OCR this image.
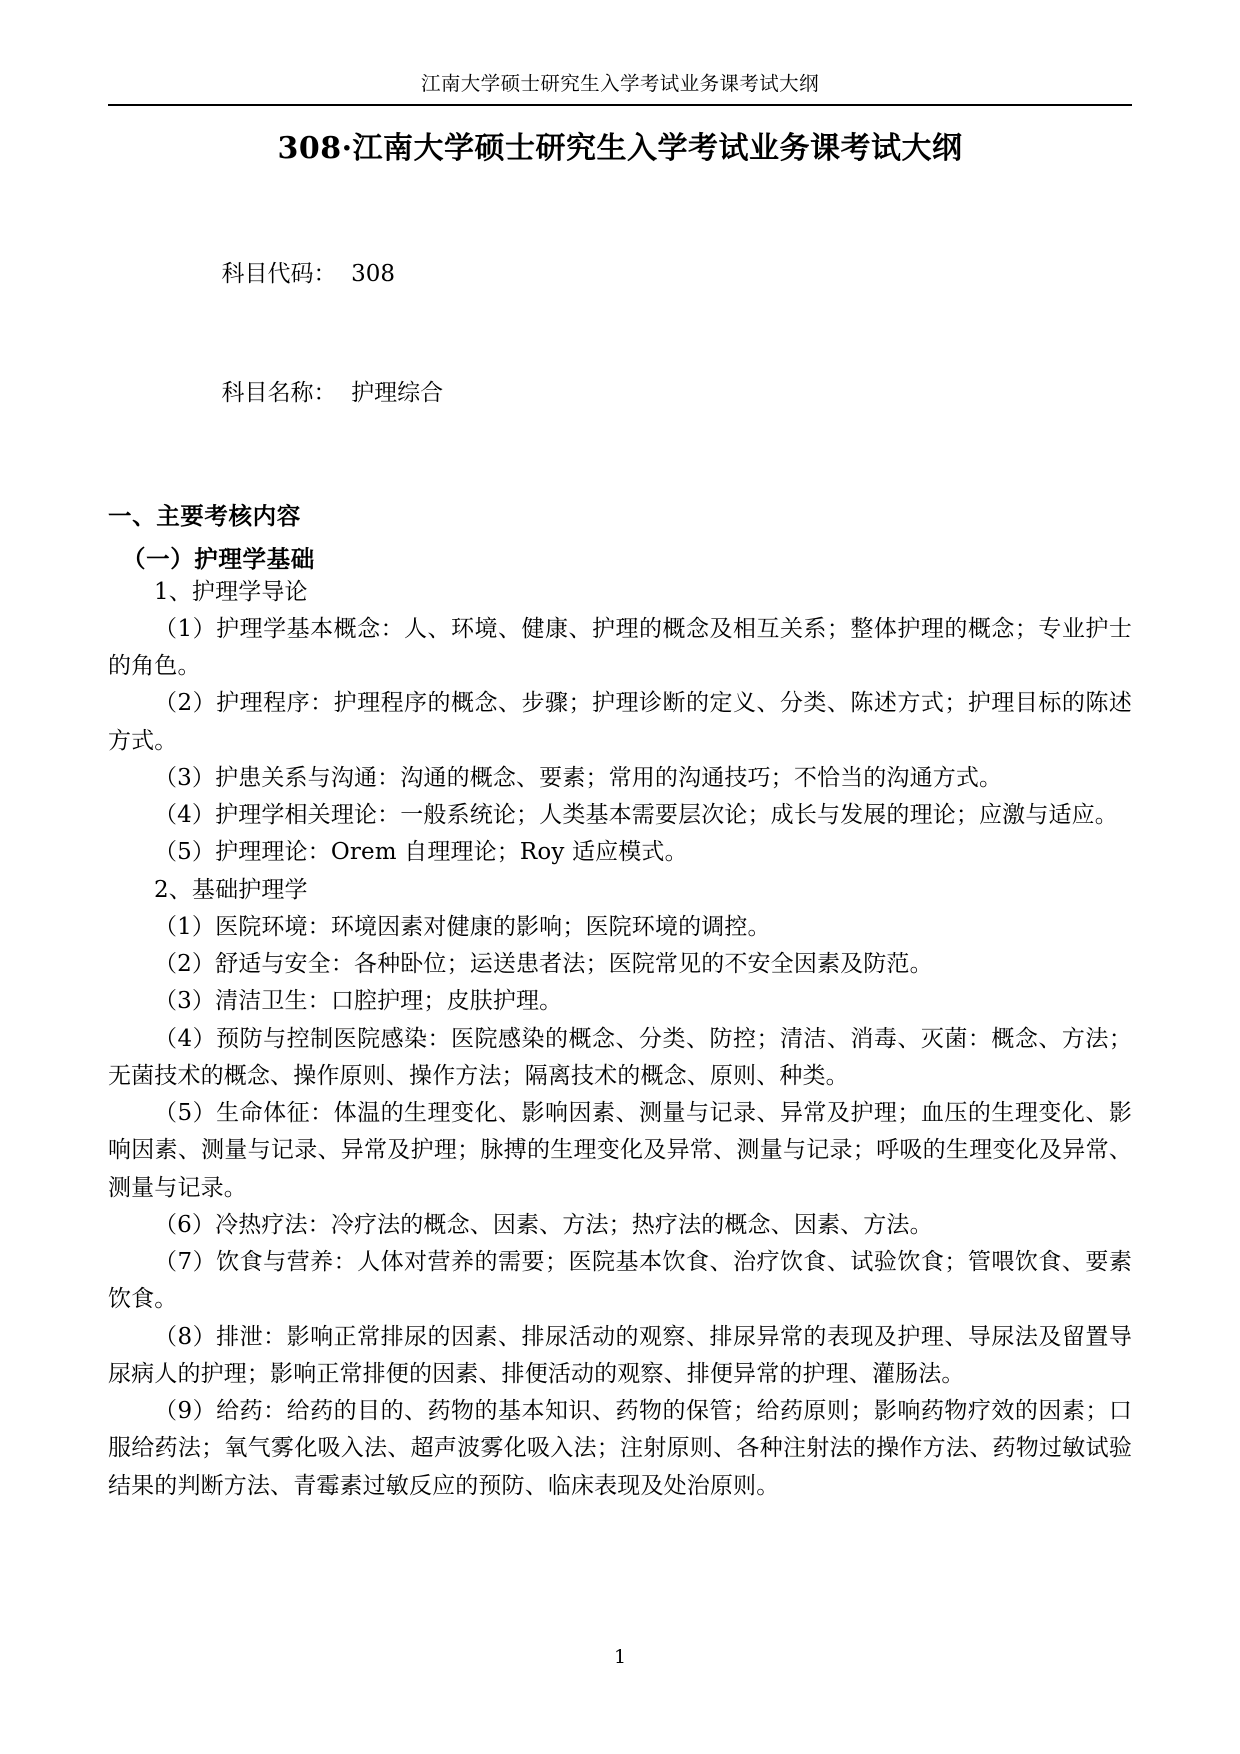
江南大学硕士研究生入学考试业务课考试大纲
308·江南大学硕士研究生入学考试业务课考试大纲

科目代码： 308

科目名称： 护理综合

一、主要考核内容
（一）护理学基础

1、护理学导论

（1）护理学基本概念：人、环境、健康、护理的概念及相互关系；整体护理的概念；专业护士的角色。

（2）护理程序：护理程序的概念、步骤；护理诊断的定义、分类、陈述方式；护理目标的陈述方式。

（3）护患关系与沟通：沟通的概念、要素；常用的沟通技巧；不恰当的沟通方式。

（4）护理学相关理论：一般系统论；人类基本需要层次论；成长与发展的理论；应激与适应。

（5）护理理论：Orem 自理理论；Roy 适应模式。

2、基础护理学

（1）医院环境：环境因素对健康的影响；医院环境的调控。

（2）舒适与安全：各种卧位；运送患者法；医院常见的不安全因素及防范。

（3）清洁卫生：口腔护理；皮肤护理。

（4）预防与控制医院感染：医院感染的概念、分类、防控；清洁、消毒、灭菌：概念、方法；无菌技术的概念、操作原则、操作方法；隔离技术的概念、原则、种类。

（5）生命体征：体温的生理变化、影响因素、测量与记录、异常及护理；血压的生理变化、影响因素、测量与记录、异常及护理；脉搏的生理变化及异常、测量与记录；呼吸的生理变化及异常、测量与记录。

（6）冷热疗法：冷疗法的概念、因素、方法；热疗法的概念、因素、方法。

（7）饮食与营养：人体对营养的需要；医院基本饮食、治疗饮食、试验饮食；管喂饮食、要素饮食。

（8）排泄：影响正常排尿的因素、排尿活动的观察、排尿异常的表现及护理、导尿法及留置导尿病人的护理；影响正常排便的因素、排便活动的观察、排便异常的护理、灌肠法。

（9）给药：给药的目的、药物的基本知识、药物的保管；给药原则；影响药物疗效的因素；口服给药法；氧气雾化吸入法、超声波雾化吸入法；注射原则、各种注射法的操作方法、药物过敏试验结果的判断方法、青霉素过敏反应的预防、临床表现及处治原则。

1
